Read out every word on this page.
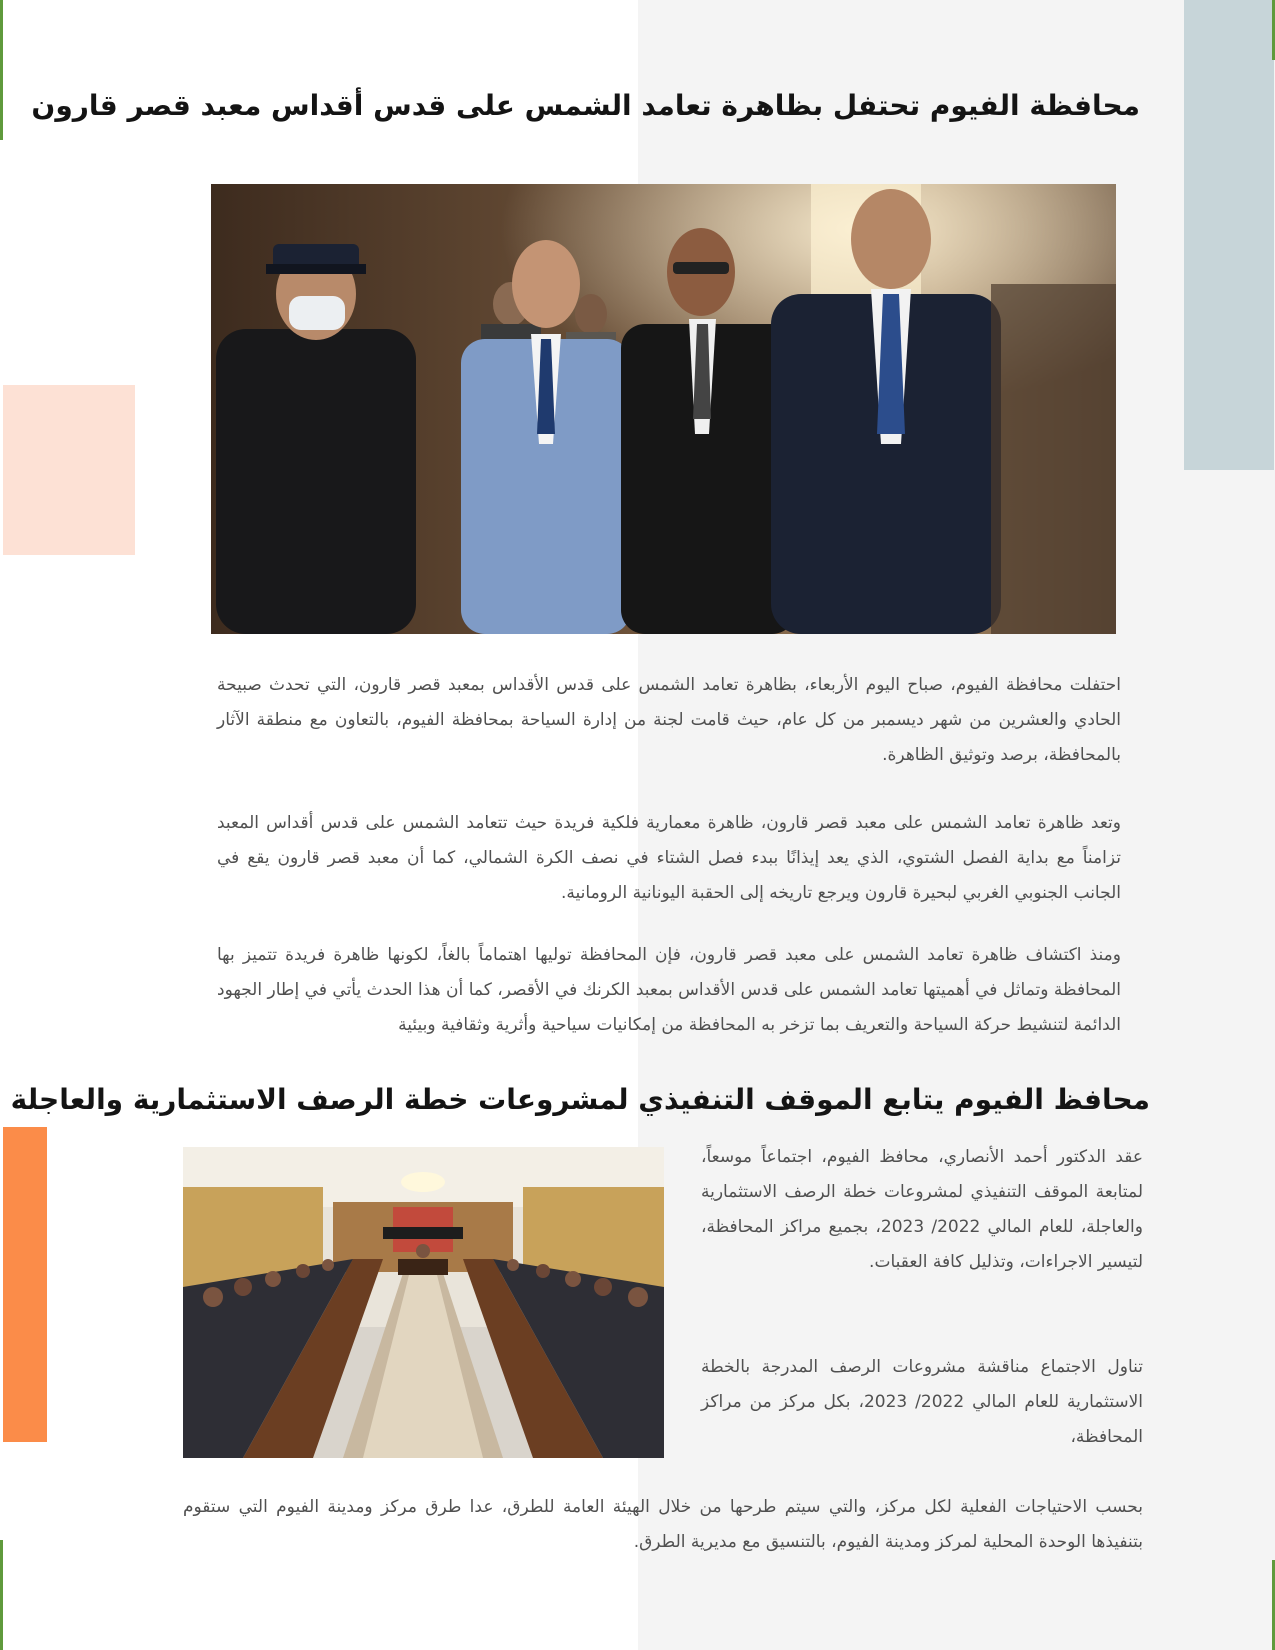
محافظة الفيوم تحتفل بظاهرة تعامد الشمس على قدس أقداس معبد قصر قارون

احتفلت محافظة الفيوم، صباح اليوم الأربعاء، بظاهرة تعامد الشمس على قدس الأقداس بمعبد قصر قارون، التي تحدث صبيحة الحادي والعشرين من شهر ديسمبر من كل عام، حيث قامت لجنة من إدارة السياحة بمحافظة الفيوم، بالتعاون مع منطقة الآثار بالمحافظة، برصد وتوثيق الظاهرة.

وتعد ظاهرة تعامد الشمس على معبد قصر قارون، ظاهرة معمارية فلكية فريدة حيث تتعامد الشمس على قدس أقداس المعبد تزامناً مع بداية الفصل الشتوي، الذي يعد إيذانًا ببدء فصل الشتاء في نصف الكرة الشمالي، كما أن معبد قصر قارون يقع في الجانب الجنوبي الغربي لبحيرة قارون ويرجع تاريخه إلى الحقبة اليونانية الرومانية.

ومنذ اكتشاف ظاهرة تعامد الشمس على معبد قصر قارون، فإن المحافظة توليها اهتماماً بالغاً، لكونها ظاهرة فريدة تتميز بها المحافظة وتماثل في أهميتها تعامد الشمس على قدس الأقداس بمعبد الكرنك في الأقصر، كما أن هذا الحدث يأتي في إطار الجهود الدائمة لتنشيط حركة السياحة والتعريف بما تزخر به المحافظة من إمكانيات سياحية وأثرية وثقافية وبيئية

محافظ الفيوم يتابع الموقف التنفيذي لمشروعات خطة الرصف الاستثمارية والعاجلة

عقد الدكتور أحمد الأنصاري، محافظ الفيوم، اجتماعاً موسعاً، لمتابعة الموقف التنفيذي لمشروعات خطة الرصف الاستثمارية والعاجلة، للعام المالي 2022/ 2023، بجميع مراكز المحافظة، لتيسير الاجراءات، وتذليل كافة العقبات.

تناول الاجتماع مناقشة مشروعات الرصف المدرجة بالخطة الاستثمارية للعام المالي 2022/ 2023، بكل مركز من مراكز المحافظة،

بحسب الاحتياجات الفعلية لكل مركز، والتي سيتم طرحها من خلال الهيئة العامة للطرق، عدا طرق مركز ومدينة الفيوم التي ستقوم بتنفيذها الوحدة المحلية لمركز ومدينة الفيوم، بالتنسيق مع مديرية الطرق.
